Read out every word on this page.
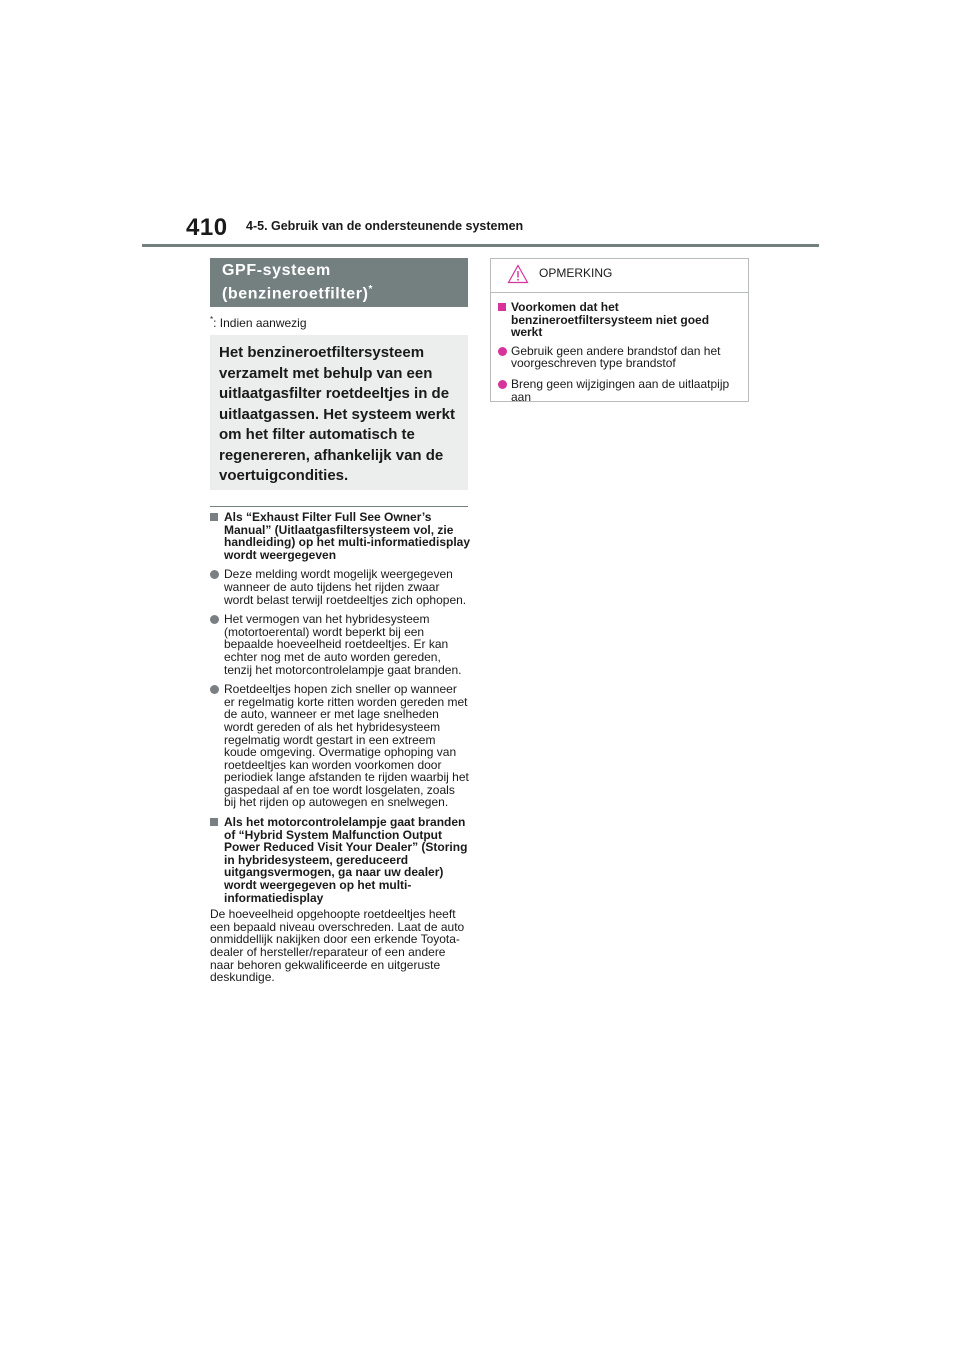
410 4-5. Gebruik van de ondersteunende systemen
GPF-systeem (benzineroetfilter)*
*: Indien aanwezig
Het benzineroetfiltersysteem verzamelt met behulp van een uitlaatgasfilter roetdeeltjes in de uitlaatgassen. Het systeem werkt om het filter automatisch te regenereren, afhankelijk van de voertuigcondities.
Als “Exhaust Filter Full See Owner’s Manual” (Uitlaatgasfiltersysteem vol, zie handleiding) op het multi-informatiedisplay wordt weergegeven
Deze melding wordt mogelijk weergegeven wanneer de auto tijdens het rijden zwaar wordt belast terwijl roetdeeltjes zich ophopen.
Het vermogen van het hybridesysteem (motortoerental) wordt beperkt bij een bepaalde hoeveelheid roetdeeltjes. Er kan echter nog met de auto worden gereden, tenzij het motorcontrolelampje gaat branden.
Roetdeeltjes hopen zich sneller op wanneer er regelmatig korte ritten worden gereden met de auto, wanneer er met lage snelheden wordt gereden of als het hybridesysteem regelmatig wordt gestart in een extreem koude omgeving. Overmatige ophoping van roetdeeltjes kan worden voorkomen door periodiek lange afstanden te rijden waarbij het gaspedaal af en toe wordt losgelaten, zoals bij het rijden op autowegen en snelwegen.
Als het motorcontrolelampje gaat branden of “Hybrid System Malfunction Output Power Reduced Visit Your Dealer” (Storing in hybridesysteem, gereduceerd uitgangsvermogen, ga naar uw dealer) wordt weergegeven op het multi-informatiedisplay
De hoeveelheid opgehoopte roetdeeltjes heeft een bepaald niveau overschreden. Laat de auto onmiddellijk nakijken door een erkende Toyota-dealer of hersteller/reparateur of een andere naar behoren gekwalificeerde en uitgeruste deskundige.
OPMERKING
Voorkomen dat het benzineroetfiltersysteem niet goed werkt
Gebruik geen andere brandstof dan het voorgeschreven type brandstof
Breng geen wijzigingen aan de uitlaatpijp aan
